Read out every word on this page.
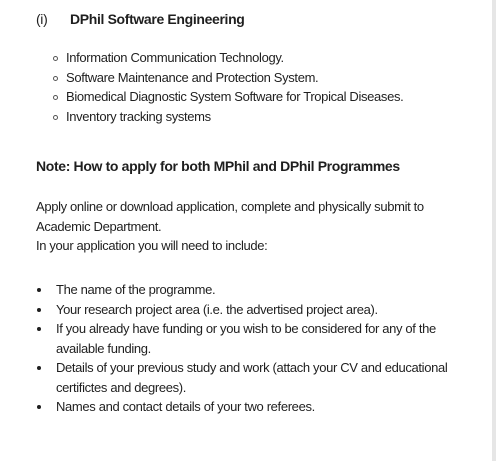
(i) DPhil Software Engineering
Information Communication Technology.
Software Maintenance and Protection System.
Biomedical Diagnostic System Software for Tropical Diseases.
Inventory tracking systems
Note: How to apply for both MPhil and DPhil Programmes
Apply online or download application, complete and physically submit to
Academic Department.
In your application you will need to include:
The name of the programme.
Your research project area (i.e. the advertised project area).
If you already have funding or you wish to be considered for any of the available funding.
Details of your previous study and work (attach your CV and educational certifictes and degrees).
Names and contact details of your two referees.
